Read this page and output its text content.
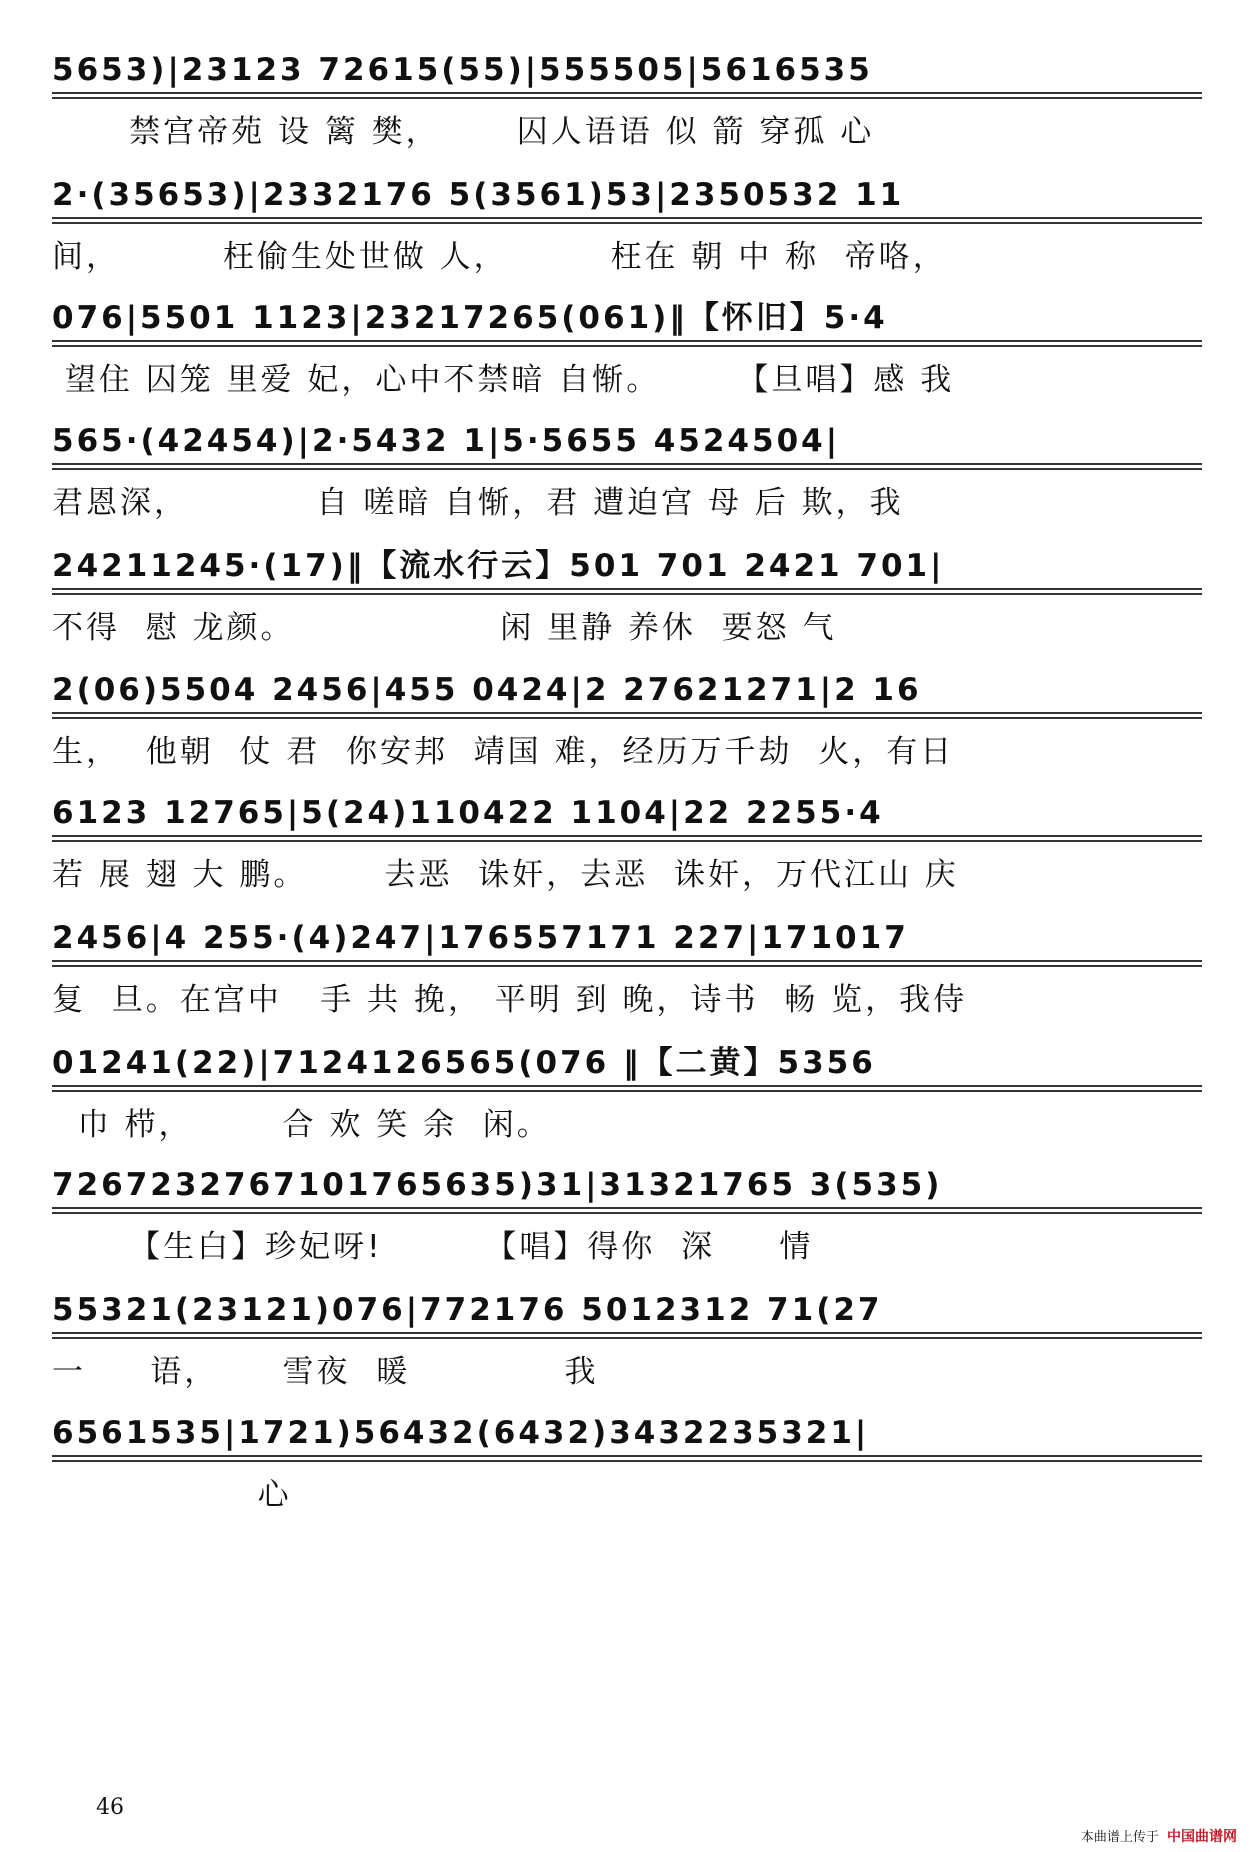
5653)|23123 72615(55)|555505|5616535
禁宫帝苑 设 篱 樊，      囚人语语 似 箭 穿孤 心
2·(35653)|2332176 5(3561)53|2350532 11
间，        枉偷生处世做 人，        枉在 朝 中 称  帝咯，
076|5501 1123|23217265(061)‖【怀旧】5·4
望住 囚笼 里爱 妃，心中不禁暗 自惭。      【旦唱】感 我
565·(42454)|2·5432 1|5·5655 4524504|
君恩深，          自 嗟暗 自惭，君 遭迫宫 母 后 欺，我
24211245·(17)‖【流水行云】501 701 2421 701|
不得  慰 龙颜。                闲 里静 养休  要怒 气
2(06)5504 2456|455 0424|2 27621271|2 16
生，  他朝  仗 君  你安邦  靖国 难，经历万千劫  火，有日
6123 12765|5(24)110422 1104|22 2255·4
若 展 翅 大 鹏。      去恶  诛奸，去恶  诛奸，万代江山 庆
2456|4 255·(4)247|176557171 227|171017
复  旦。在宫中   手 共 挽， 平明 到 晚，诗书  畅 览，我侍
01241(22)|7124126565(076 ‖【二黄】5356
巾 栉，       合 欢 笑 余  闲。
7267232767101765635)31|31321765 3(535)
【生白】珍妃呀!        【唱】得你  深     情
55321(23121)076|772176 5012312 71(27
一     语，     雪夜  暖            我
6561535|1721)56432(6432)3432235321|
心
46
本曲谱上传于 中国曲谱网
